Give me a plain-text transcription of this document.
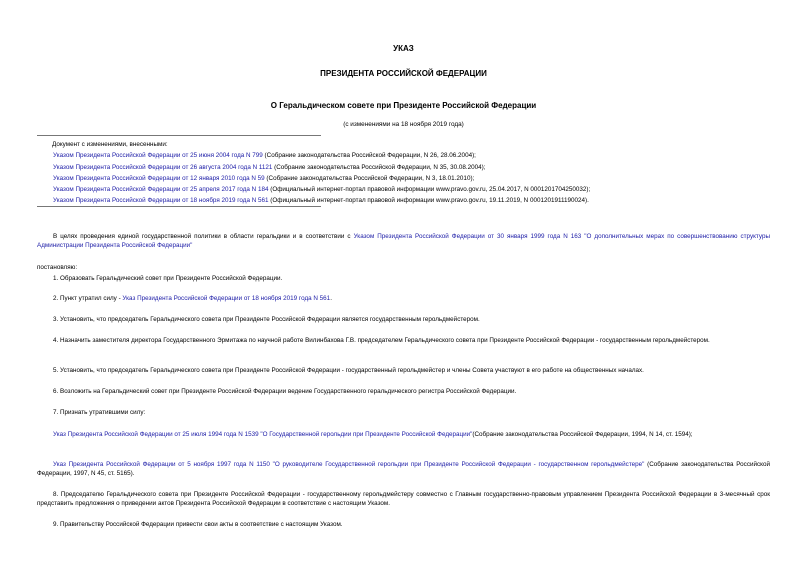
УКАЗ
ПРЕЗИДЕНТА РОССИЙСКОЙ ФЕДЕРАЦИИ
О Геральдическом совете при Президенте Российской Федерации
(с изменениями на 18 ноября 2019 года)
Документ с изменениями, внесенными:
Указом Президента Российской Федерации от 25 июня 2004 года N 799 (Собрание законодательства Российской Федерации, N 26, 28.06.2004);
Указом Президента Российской Федерации от 26 августа 2004 года N 1121 (Собрание законодательства Российской Федерации, N 35, 30.08.2004);
Указом Президента Российской Федерации от 12 января 2010 года N 59 (Собрание законодательства Российской Федерации, N 3, 18.01.2010);
Указом Президента Российской Федерации от 25 апреля 2017 года N 184 (Официальный интернет-портал правовой информации www.pravo.gov.ru, 25.04.2017, N 0001201704250032);
Указом Президента Российской Федерации от 18 ноября 2019 года N 561 (Официальный интернет-портал правовой информации www.pravo.gov.ru, 19.11.2019, N 0001201911190024).
В целях проведения единой государственной политики в области геральдики и в соответствии с Указом Президента Российской Федерации от 30 января 1999 года N 163 "О дополнительных мерах по совершенствованию структуры Администрации Президента Российской Федерации"
постановляю:
1. Образовать Геральдический совет при Президенте Российской Федерации.
2. Пункт утратил силу - Указ Президента Российской Федерации от 18 ноября 2019 года N 561.
3. Установить, что председатель Геральдического совета при Президенте Российской Федерации является государственным герольдмейстером.
4. Назначить заместителя директора Государственного Эрмитажа по научной работе Вилинбахова Г.В. председателем Геральдического совета при Президенте Российской Федерации - государственным герольдмейстером.
5. Установить, что председатель Геральдического совета при Президенте Российской Федерации - государственный герольдмейстер и члены Совета участвуют в его работе на общественных началах.
6. Возложить на Геральдический совет при Президенте Российской Федерации ведение Государственного геральдического регистра Российской Федерации.
7. Признать утратившими силу:
Указ Президента Российской Федерации от 25 июля 1994 года N 1539 "О Государственной герольдии при Президенте Российской Федерации"(Собрание законодательства Российской Федерации, 1994, N 14, ст. 1594);
Указ Президента Российской Федерации от 5 ноября 1997 года N 1150 "О руководителе Государственной герольдии при Президенте Российской Федерации - государственном герольдмейстере" (Собрание законодательства Российской Федерации, 1997, N 45, ст. 5165).
8. Председателю Геральдического совета при Президенте Российской Федерации - государственному герольдмейстеру совместно с Главным государственно-правовым управлением Президента Российской Федерации в 3-месячный срок представить предложения о приведении актов Президента Российской Федерации в соответствие с настоящим Указом.
9. Правительству Российской Федерации привести свои акты в соответствие с настоящим Указом.
